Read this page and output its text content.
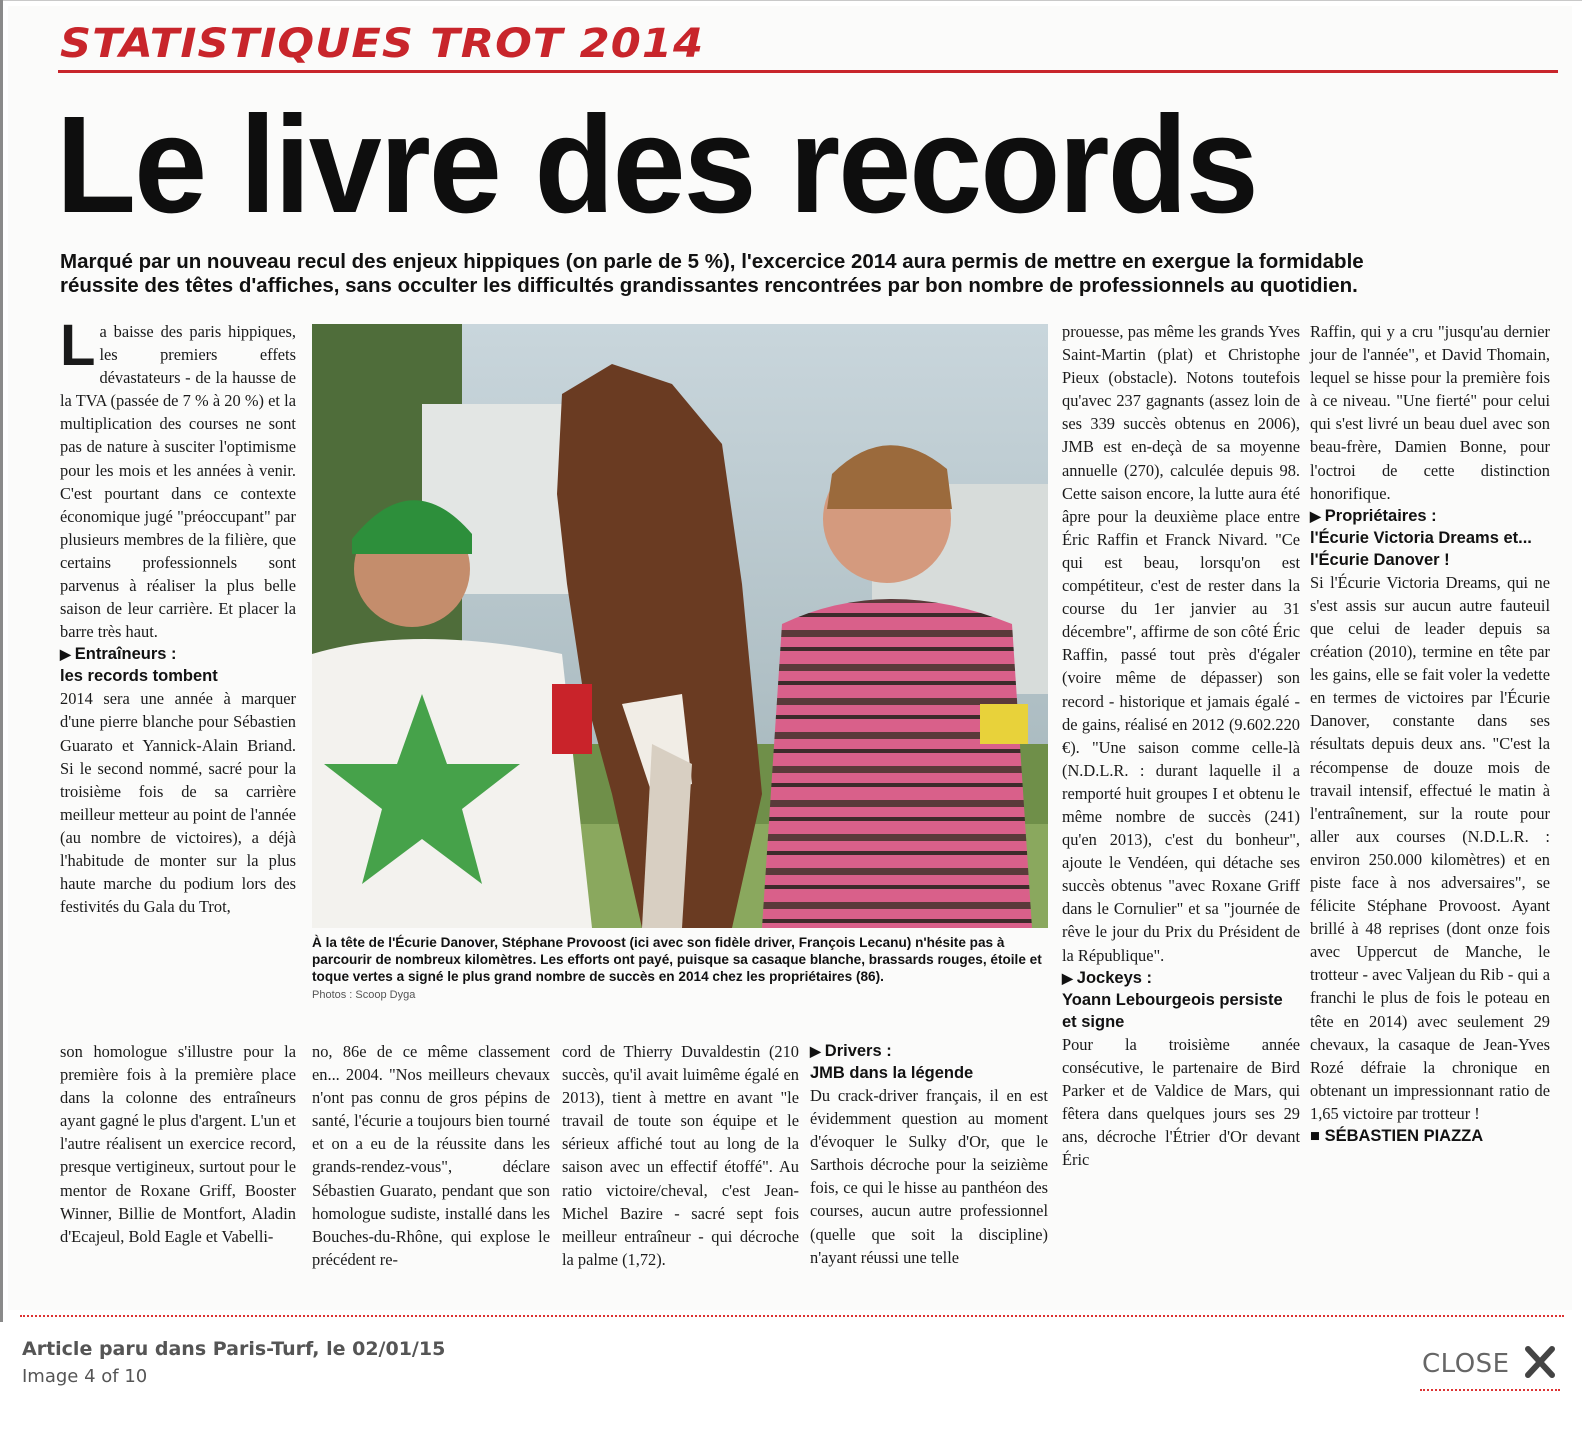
STATISTIQUES TROT 2014
Le livre des records
Marqué par un nouveau recul des enjeux hippiques (on parle de 5 %), l'excercice 2014 aura permis de mettre en exergue la formidable
réussite des têtes d'affiches, sans occulter les difficultés grandissantes rencontrées par bon nombre de professionnels au quotidien.
L a baisse des paris hippiques, les premiers effets dévastateurs - de la hausse de la TVA (passée de 7 % à 20 %) et la multiplication des courses ne sont pas de nature à susciter l'optimisme pour les mois et les années à venir. C'est pourtant dans ce contexte économique jugé "préoccupant" par plusieurs membres de la filière, que certains professionnels sont parvenus à réaliser la plus belle saison de leur carrière. Et placer la barre très haut.

▶ Entraîneurs :
les records tombent

2014 sera une année à marquer d'une pierre blanche pour Sébastien Guarato et Yannick-Alain Briand. Si le second nommé, sacré pour la troisième fois de sa carrière meilleur metteur au point de l'année (au nombre de victoires), a déjà l'habitude de monter sur la plus haute marche du podium lors des festivités du Gala du Trot,

son homologue s'illustre pour la première fois à la première place dans la colonne des entraîneurs ayant gagné le plus d'argent. L'un et l'autre réalisent un exercice record, presque vertigineux, surtout pour le mentor de Roxane Griff, Booster Winner, Billie de Montfort, Aladin d'Ecajeul, Bold Eagle et Vabelli-

À la tête de l'Écurie Danover, Stéphane Provoost (ici avec son fidèle driver, François Lecanu) n'hésite pas à parcourir de nombreux kilomètres. Les efforts ont payé, puisque sa casaque blanche, brassards rouges, étoile et toque vertes a signé le plus grand nombre de succès en 2014 chez les propriétaires (86).
Photos : Scoop Dyga

no, 86e de ce même classement en... 2004. "Nos meilleurs chevaux n'ont pas connu de gros pépins de santé, l'écurie a toujours bien tourné et on a eu de la réussite dans les grands-rendez-vous", déclare Sébastien Guarato, pendant que son homologue sudiste, installé dans les Bouches-du-Rhône, qui explose le précédent re-

cord de Thierry Duvaldestin (210 succès, qu'il avait luimême égalé en 2013), tient à mettre en avant "le travail de toute son équipe et le sérieux affiché tout au long de la saison avec un effectif étoffé". Au ratio victoire/cheval, c'est Jean-Michel Bazire - sacré sept fois meilleur entraîneur - qui décroche la palme (1,72).

▶ Drivers :
JMB dans la légende

Du crack-driver français, il en est évidemment question au moment d'évoquer le Sulky d'Or, que le Sarthois décroche pour la seizième fois, ce qui le hisse au panthéon des courses, aucun autre professionnel (quelle que soit la discipline) n'ayant réussi une telle

prouesse, pas même les grands Yves Saint-Martin (plat) et Christophe Pieux (obstacle). Notons toutefois qu'avec 237 gagnants (assez loin de ses 339 succès obtenus en 2006), JMB est en-deçà de sa moyenne annuelle (270), calculée depuis 98. Cette saison encore, la lutte aura été âpre pour la deuxième place entre Éric Raffin et Franck Nivard. "Ce qui est beau, lorsqu'on est compétiteur, c'est de rester dans la course du 1er janvier au 31 décembre", affirme de son côté Éric Raffin, passé tout près d'égaler (voire même de dépasser) son record - historique et jamais égalé - de gains, réalisé en 2012 (9.602.220 €). "Une saison comme celle-là (N.D.L.R. : durant laquelle il a remporté huit groupes I et obtenu le même nombre de succès (241) qu'en 2013), c'est du bonheur", ajoute le Vendéen, qui détache ses succès obtenus "avec Roxane Griff dans le Cornulier" et sa "journée de rêve le jour du Prix du Président de la République".

▶ Jockeys :
Yoann Lebourgeois persiste et signe

Pour la troisième année consécutive, le partenaire de Bird Parker et de Valdice de Mars, qui fêtera dans quelques jours ses 29 ans, décroche l'Étrier d'Or devant Éric

Raffin, qui y a cru "jusqu'au dernier jour de l'année", et David Thomain, lequel se hisse pour la première fois à ce niveau. "Une fierté" pour celui qui s'est livré un beau duel avec son beau-frère, Damien Bonne, pour l'octroi de cette distinction honorifique.

▶ Propriétaires :
l'Écurie Victoria Dreams et... l'Écurie Danover !

Si l'Écurie Victoria Dreams, qui ne s'est assis sur aucun autre fauteuil que celui de leader depuis sa création (2010), termine en tête par les gains, elle se fait voler la vedette en termes de victoires par l'Écurie Danover, constante dans ses résultats depuis deux ans. "C'est la récompense de douze mois de travail intensif, effectué le matin à l'entraînement, sur la route pour aller aux courses (N.D.L.R. : environ 250.000 kilomètres) et en piste face à nos adversaires", se félicite Stéphane Provoost. Ayant brillé à 48 reprises (dont onze fois avec Uppercut de Manche, le trotteur - avec Valjean du Rib - qui a franchi le plus de fois le poteau en tête en 2014) avec seulement 29 chevaux, la casaque de Jean-Yves Rozé défraie la chronique en obtenant un impressionnant ratio de 1,65 victoire par trotteur !

■ SÉBASTIEN PIAZZA
Article paru dans Paris-Turf, le 02/01/15
Image 4 of 10	CLOSE
